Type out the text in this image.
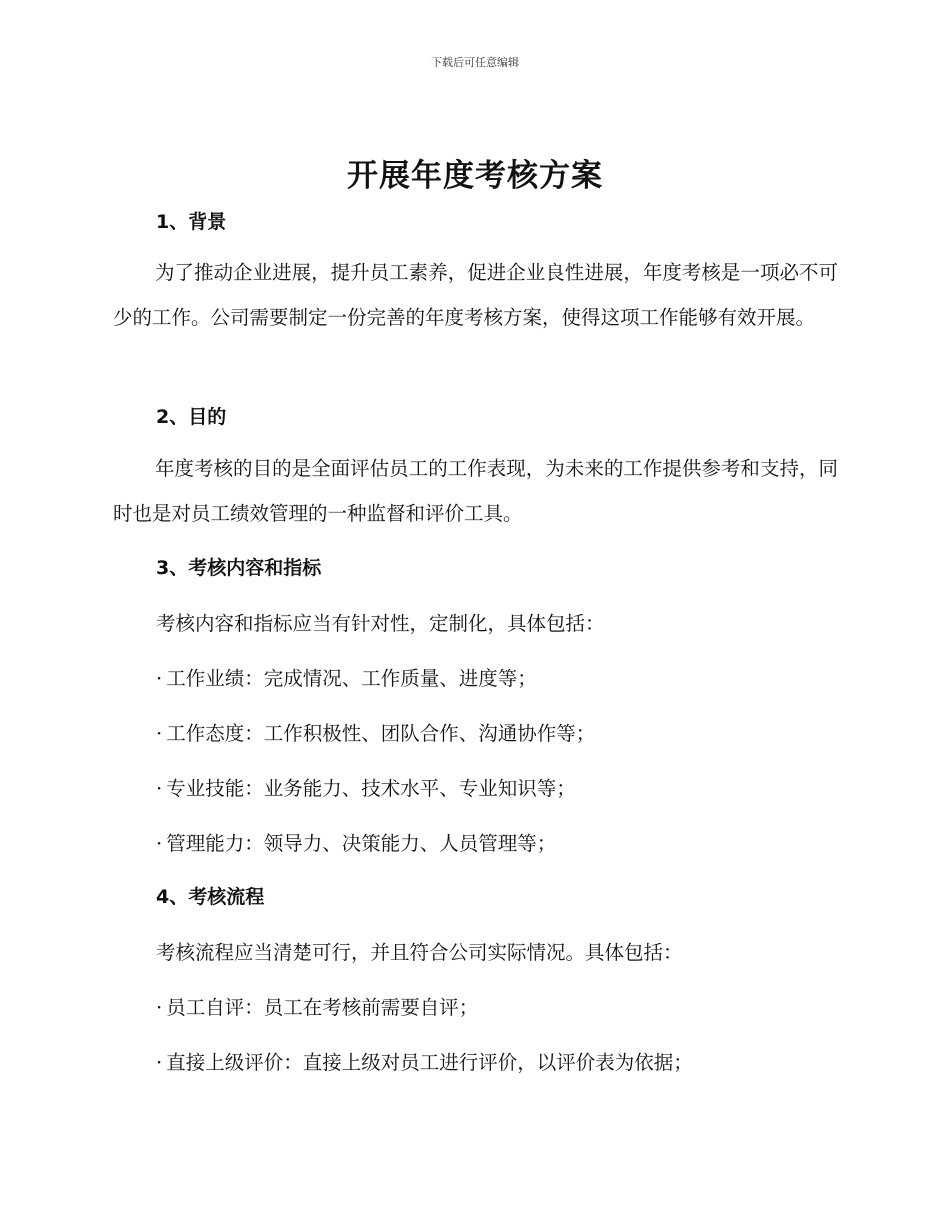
下载后可任意编辑
开展年度考核方案
1、背景
为了推动企业进展，提升员工素养，促进企业良性进展，年度考核是一项必不可少的工作。公司需要制定一份完善的年度考核方案，使得这项工作能够有效开展。
2、目的
年度考核的目的是全面评估员工的工作表现，为未来的工作提供参考和支持，同时也是对员工绩效管理的一种监督和评价工具。
3、考核内容和指标
考核内容和指标应当有针对性，定制化，具体包括：
· 工作业绩：完成情况、工作质量、进度等；
· 工作态度：工作积极性、团队合作、沟通协作等；
· 专业技能：业务能力、技术水平、专业知识等；
· 管理能力：领导力、决策能力、人员管理等；
4、考核流程
考核流程应当清楚可行，并且符合公司实际情况。具体包括：
· 员工自评：员工在考核前需要自评；
· 直接上级评价：直接上级对员工进行评价，以评价表为依据；
